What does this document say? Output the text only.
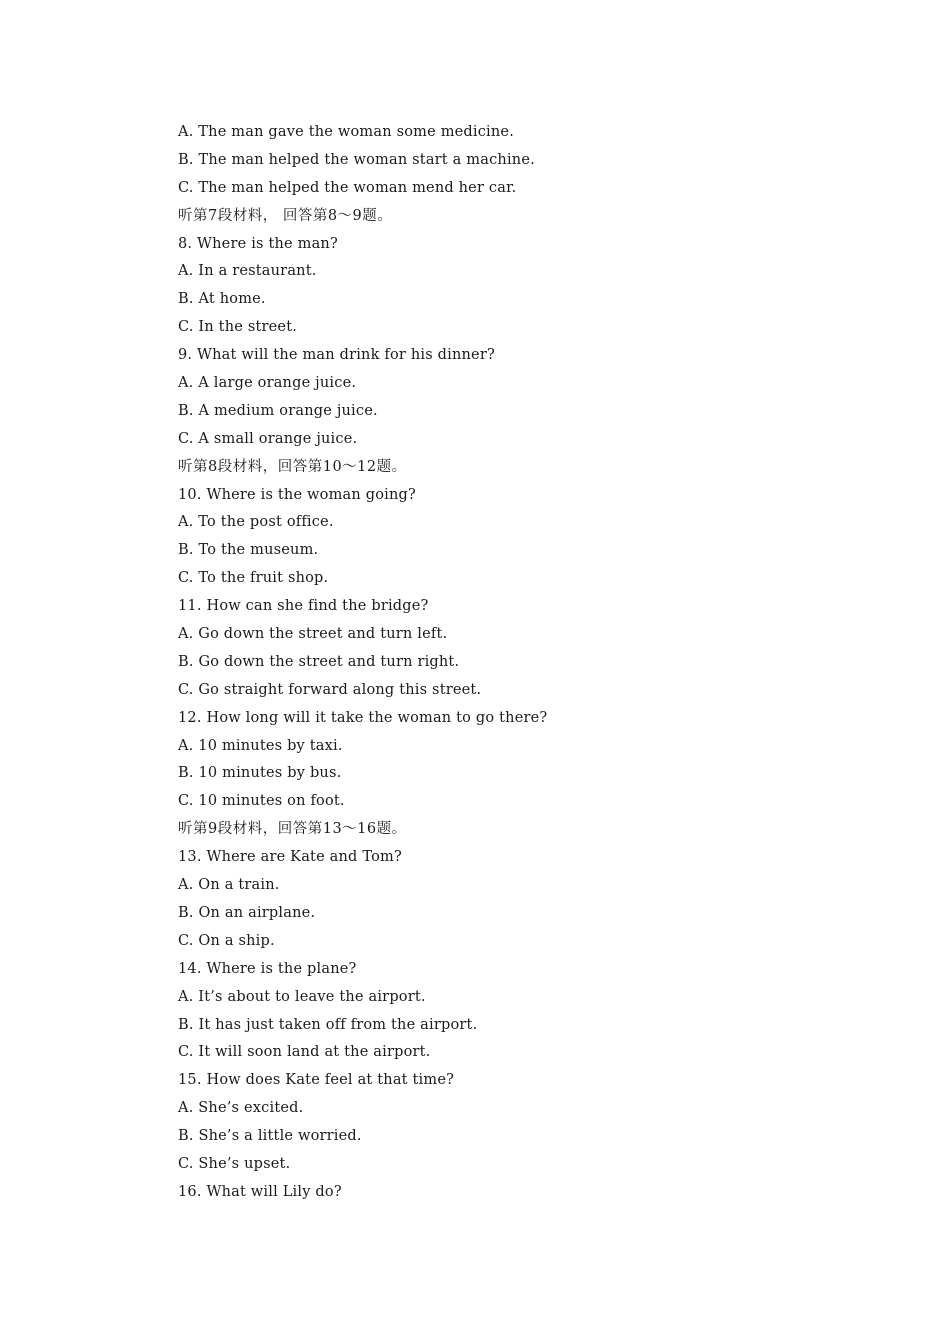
A. The man gave the woman some medicine.
B. The man helped the woman start a machine.
C. The man helped the woman mend her car.
听第7段材料， 回答第8～9题。
8. Where is the man?
A. In a restaurant.
B. At home.
C. In the street.
9. What will the man drink for his dinner?
A. A large orange juice.
B. A medium orange juice.
C. A small orange juice.
听第8段材料，回答第10～12题。
10. Where is the woman going?
A. To the post office.
B. To the museum.
C. To the fruit shop.
11. How can she find the bridge?
A. Go down the street and turn left.
B. Go down the street and turn right.
C. Go straight forward along this street.
12. How long will it take the woman to go there?
A. 10 minutes by taxi.
B. 10 minutes by bus.
C. 10 minutes on foot.
听第9段材料，回答第13～16题。
13. Where are Kate and Tom?
A. On a train.
B. On an airplane.
C. On a ship.
14. Where is the plane?
A. It’s about to leave the airport.
B. It has just taken off from the airport.
C. It will soon land at the airport.
15. How does Kate feel at that time?
A. She’s excited.
B. She’s a little worried.
C. She’s upset.
16. What will Lily do?
